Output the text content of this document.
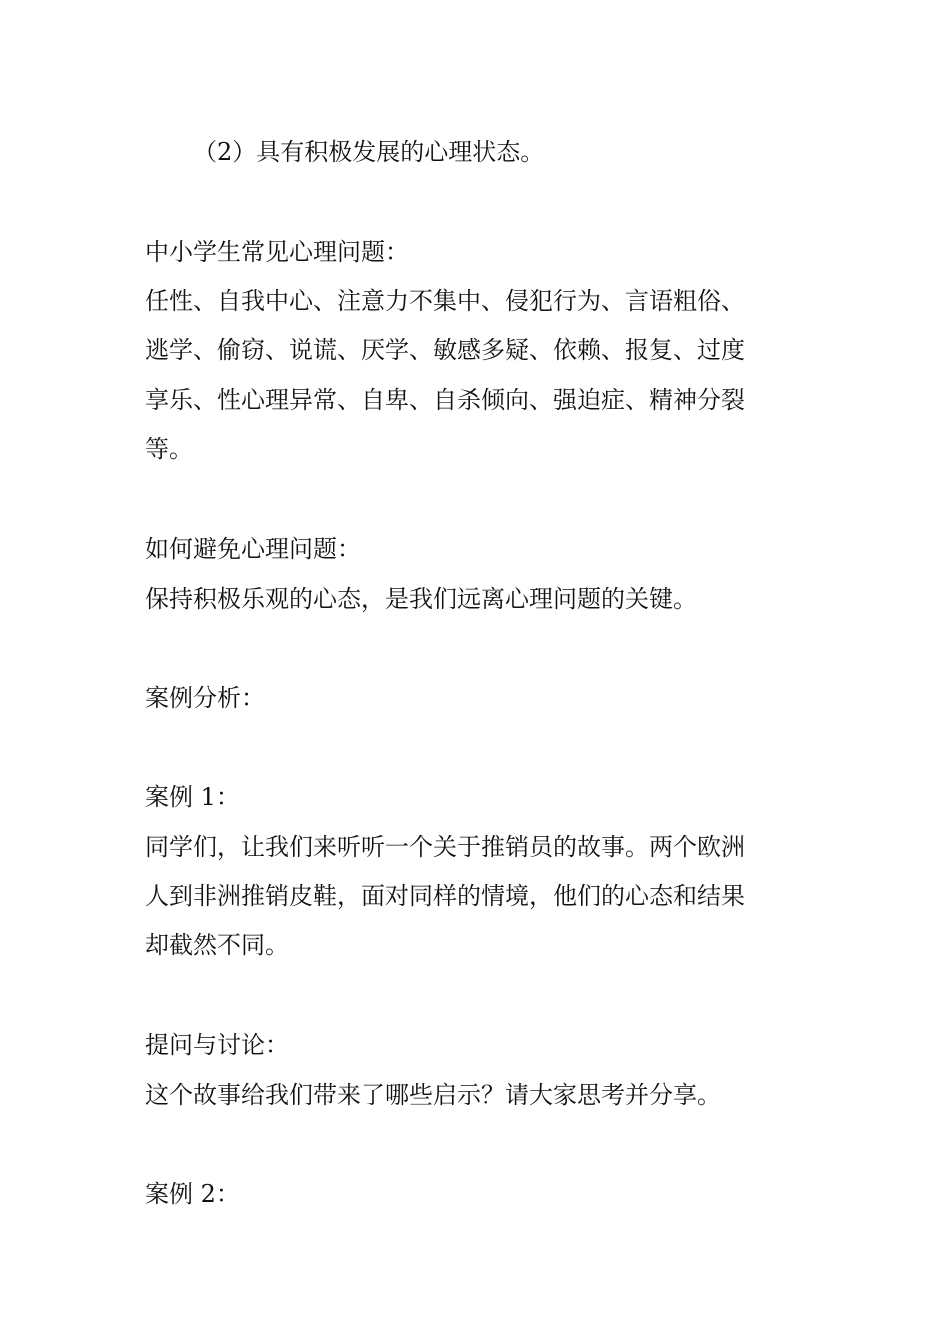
（2）具有积极发展的心理状态。

中小学生常见心理问题：

任性、自我中心、注意力不集中、侵犯行为、言语粗俗、

逃学、偷窃、说谎、厌学、敏感多疑、依赖、报复、过度

享乐、性心理异常、自卑、自杀倾向、强迫症、精神分裂

等。

如何避免心理问题：

保持积极乐观的心态，是我们远离心理问题的关键。

案例分析：

案例 1：

同学们，让我们来听听一个关于推销员的故事。两个欧洲

人到非洲推销皮鞋，面对同样的情境，他们的心态和结果

却截然不同。

提问与讨论：

这个故事给我们带来了哪些启示？请大家思考并分享。

案例 2：
